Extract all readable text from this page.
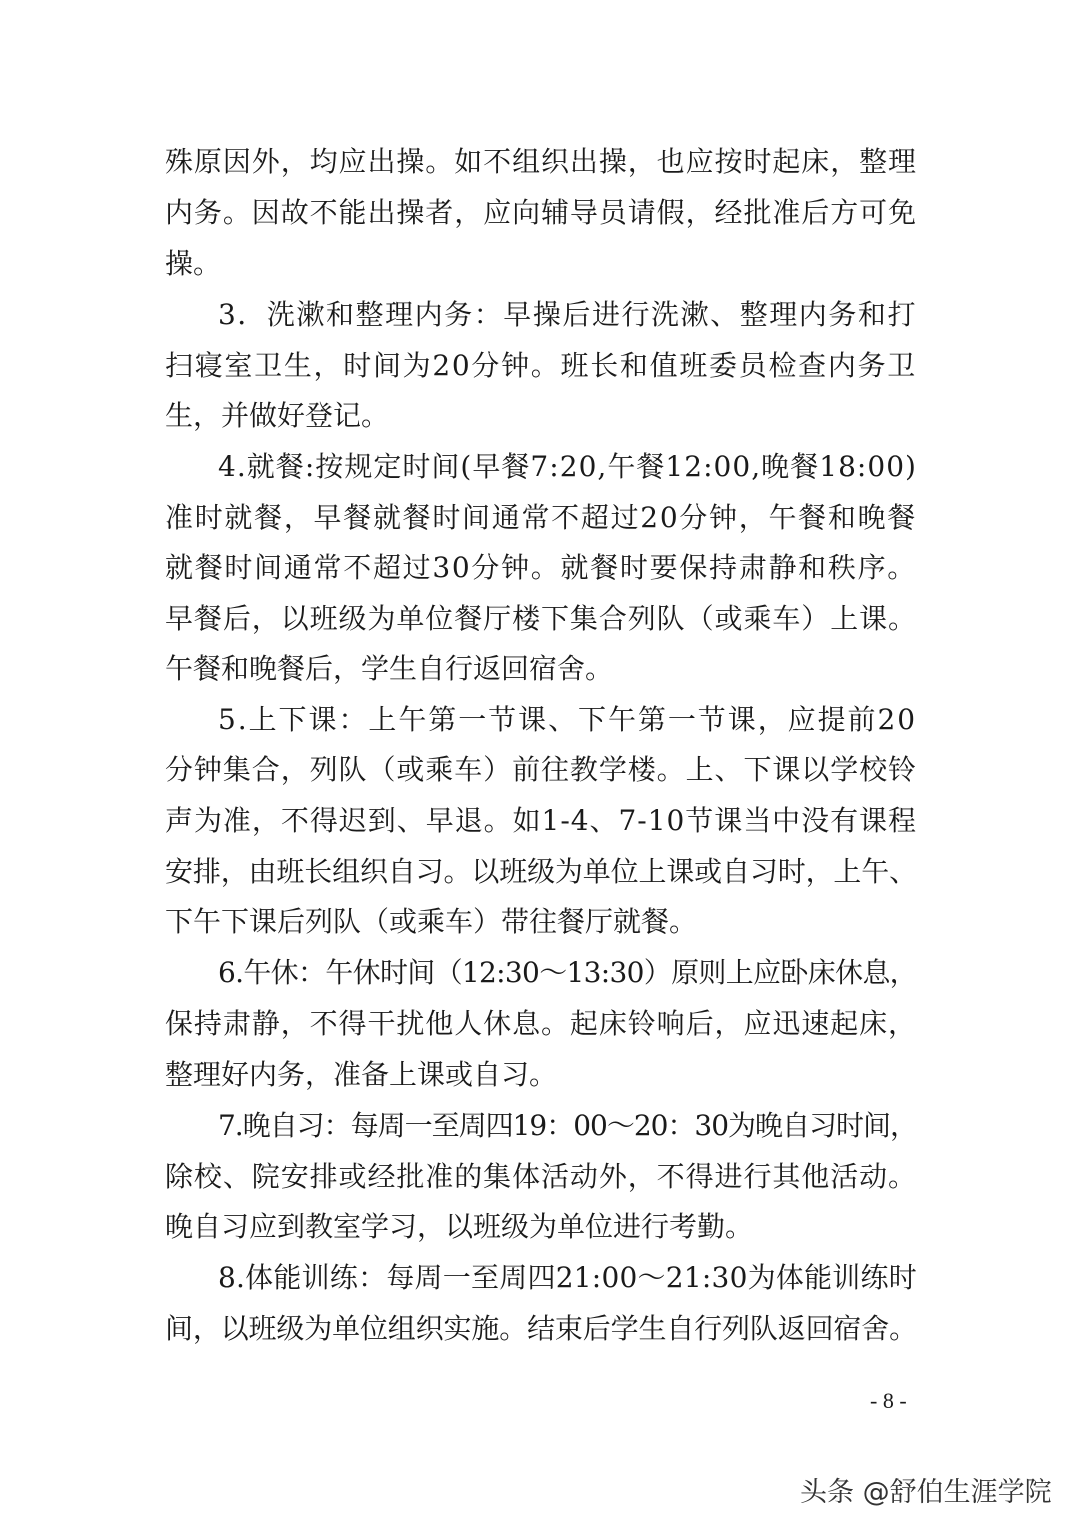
殊原因外，均应出操。如不组织出操，也应按时起床，整理
内务。因故不能出操者，应向辅导员请假，经批准后方可免
操。
3．洗漱和整理内务：早操后进行洗漱、整理内务和打
扫寝室卫生，时间为20分钟。班长和值班委员检查内务卫
生，并做好登记。
4.就餐:按规定时间(早餐7:20,午餐12:00,晚餐18:00)
准时就餐，早餐就餐时间通常不超过20分钟，午餐和晚餐
就餐时间通常不超过30分钟。就餐时要保持肃静和秩序。
早餐后，以班级为单位餐厅楼下集合列队（或乘车）上课。
午餐和晚餐后，学生自行返回宿舍。
5.上下课：上午第一节课、下午第一节课，应提前20
分钟集合，列队（或乘车）前往教学楼。上、下课以学校铃
声为准，不得迟到、早退。如1-4、7-10节课当中没有课程
安排，由班长组织自习。以班级为单位上课或自习时，上午、
下午下课后列队（或乘车）带往餐厅就餐。
6.午休：午休时间（12:30～13:30）原则上应卧床休息，
保持肃静，不得干扰他人休息。起床铃响后，应迅速起床，
整理好内务，准备上课或自习。
7.晚自习：每周一至周四19：00～20：30为晚自习时间，
除校、院安排或经批准的集体活动外，不得进行其他活动。
晚自习应到教室学习，以班级为单位进行考勤。
8.体能训练：每周一至周四21:00～21:30为体能训练时
间，以班级为单位组织实施。结束后学生自行列队返回宿舍。
- 8 -
头条 @舒伯生涯学院
